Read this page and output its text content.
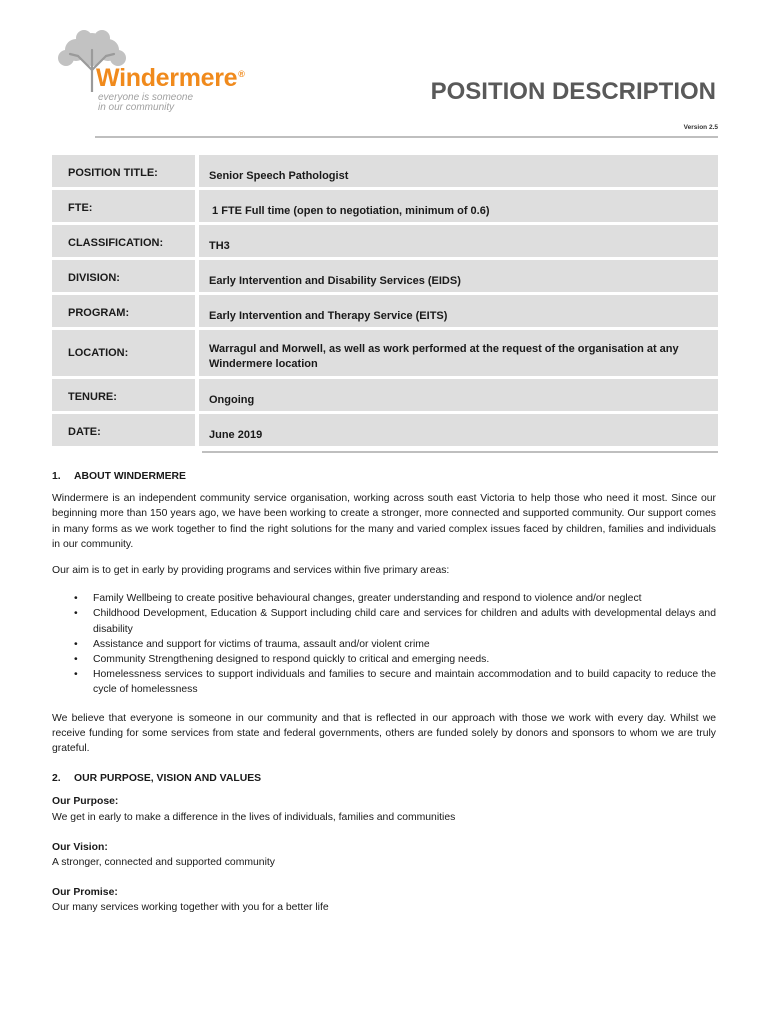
Windermere®
everyone is someone
in our community
POSITION DESCRIPTION
Version 2.5
POSITION TITLE:	Senior Speech Pathologist
FTE:	1 FTE Full time (open to negotiation, minimum of 0.6)
CLASSIFICATION:	TH3
DIVISION:	Early Intervention and Disability Services (EIDS)
PROGRAM:	Early Intervention and Therapy Service (EITS)
LOCATION:	Warragul and Morwell, as well as work performed at the request of the organisation at any Windermere location
TENURE:	Ongoing
DATE:	June 2019
1. ABOUT WINDERMERE

Windermere is an independent community service organisation, working across south east Victoria to help those who need it most. Since our beginning more than 150 years ago, we have been working to create a stronger, more connected and supported community. Our support comes in many forms as we work together to find the right solutions for the many and varied complex issues faced by children, families and individuals in our community.

Our aim is to get in early by providing programs and services within five primary areas:

• Family Wellbeing to create positive behavioural changes, greater understanding and respond to violence and/or neglect
• Childhood Development, Education & Support including child care and services for children and adults with developmental delays and disability
• Assistance and support for victims of trauma, assault and/or violent crime
• Community Strengthening designed to respond quickly to critical and emerging needs.
• Homelessness services to support individuals and families to secure and maintain accommodation and to build capacity to reduce the cycle of homelessness

We believe that everyone is someone in our community and that is reflected in our approach with those we work with every day. Whilst we receive funding for some services from state and federal governments, others are funded solely by donors and sponsors to whom we are truly grateful.

2. OUR PURPOSE, VISION AND VALUES
Our Purpose:
We get in early to make a difference in the lives of individuals, families and communities
Our Vision:
A stronger, connected and supported community
Our Promise:
Our many services working together with you for a better life
